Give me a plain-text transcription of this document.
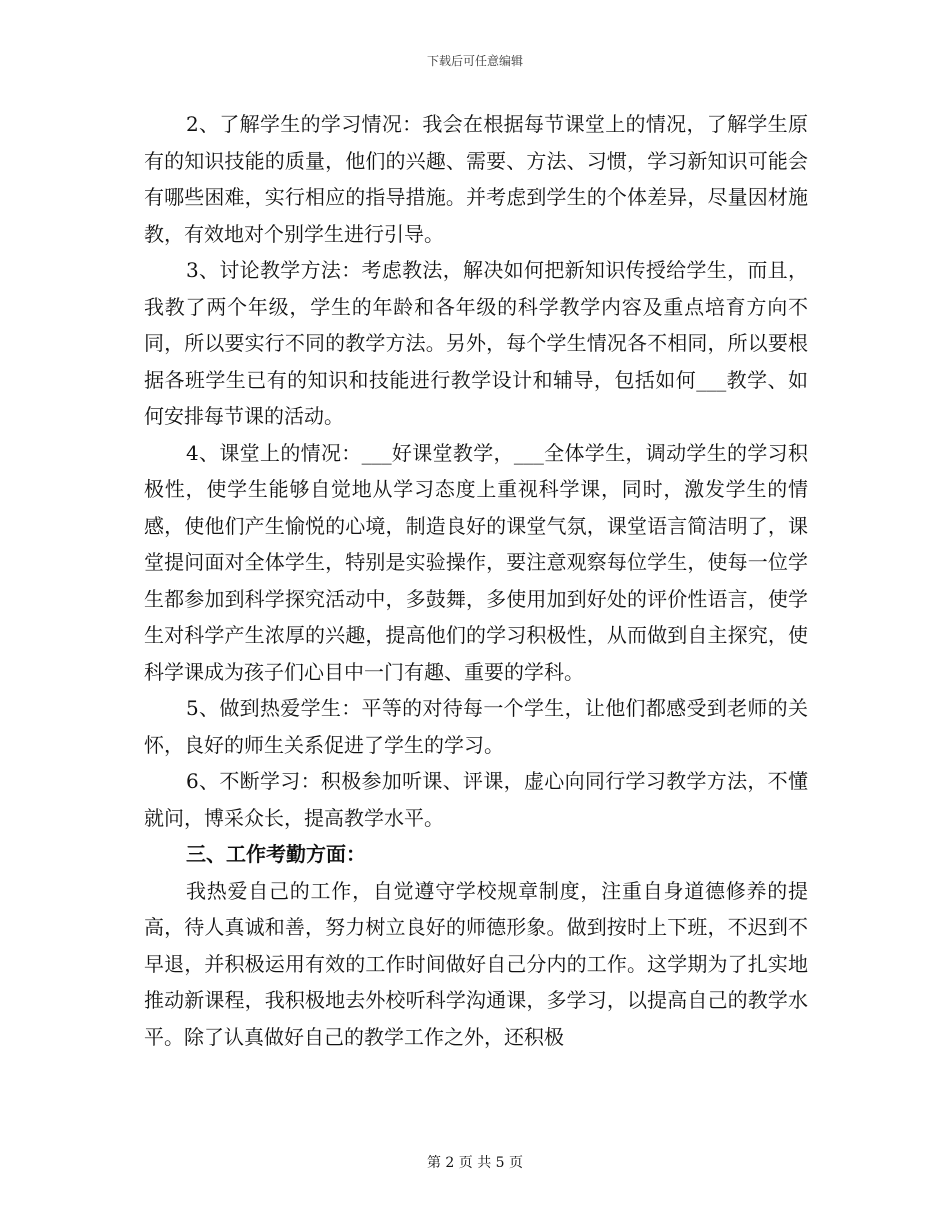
下载后可任意编辑

2、了解学生的学习情况：我会在根据每节课堂上的情况，了解学生原有的知识技能的质量，他们的兴趣、需要、方法、习惯，学习新知识可能会有哪些困难，实行相应的指导措施。并考虑到学生的个体差异，尽量因材施教，有效地对个别学生进行引导。

3、讨论教学方法：考虑教法，解决如何把新知识传授给学生，而且，我教了两个年级，学生的年龄和各年级的科学教学内容及重点培育方向不同，所以要实行不同的教学方法。另外，每个学生情况各不相同，所以要根据各班学生已有的知识和技能进行教学设计和辅导，包括如何___教学、如何安排每节课的活动。

4、课堂上的情况：___好课堂教学，___全体学生，调动学生的学习积极性，使学生能够自觉地从学习态度上重视科学课，同时，激发学生的情感，使他们产生愉悦的心境，制造良好的课堂气氛，课堂语言简洁明了，课堂提问面对全体学生，特别是实验操作，要注意观察每位学生，使每一位学生都参加到科学探究活动中，多鼓舞，多使用加到好处的评价性语言，使学生对科学产生浓厚的兴趣，提高他们的学习积极性，从而做到自主探究，使科学课成为孩子们心目中一门有趣、重要的学科。

5、做到热爱学生：平等的对待每一个学生，让他们都感受到老师的关怀，良好的师生关系促进了学生的学习。

6、不断学习：积极参加听课、评课，虚心向同行学习教学方法，不懂就问，博采众长，提高教学水平。

三、工作考勤方面：

我热爱自己的工作，自觉遵守学校规章制度，注重自身道德修养的提高，待人真诚和善，努力树立良好的师德形象。做到按时上下班，不迟到不早退，并积极运用有效的工作时间做好自己分内的工作。这学期为了扎实地推动新课程，我积极地去外校听科学沟通课，多学习，以提高自己的教学水平。除了认真做好自己的教学工作之外，还积极

第 2 页 共 5 页
